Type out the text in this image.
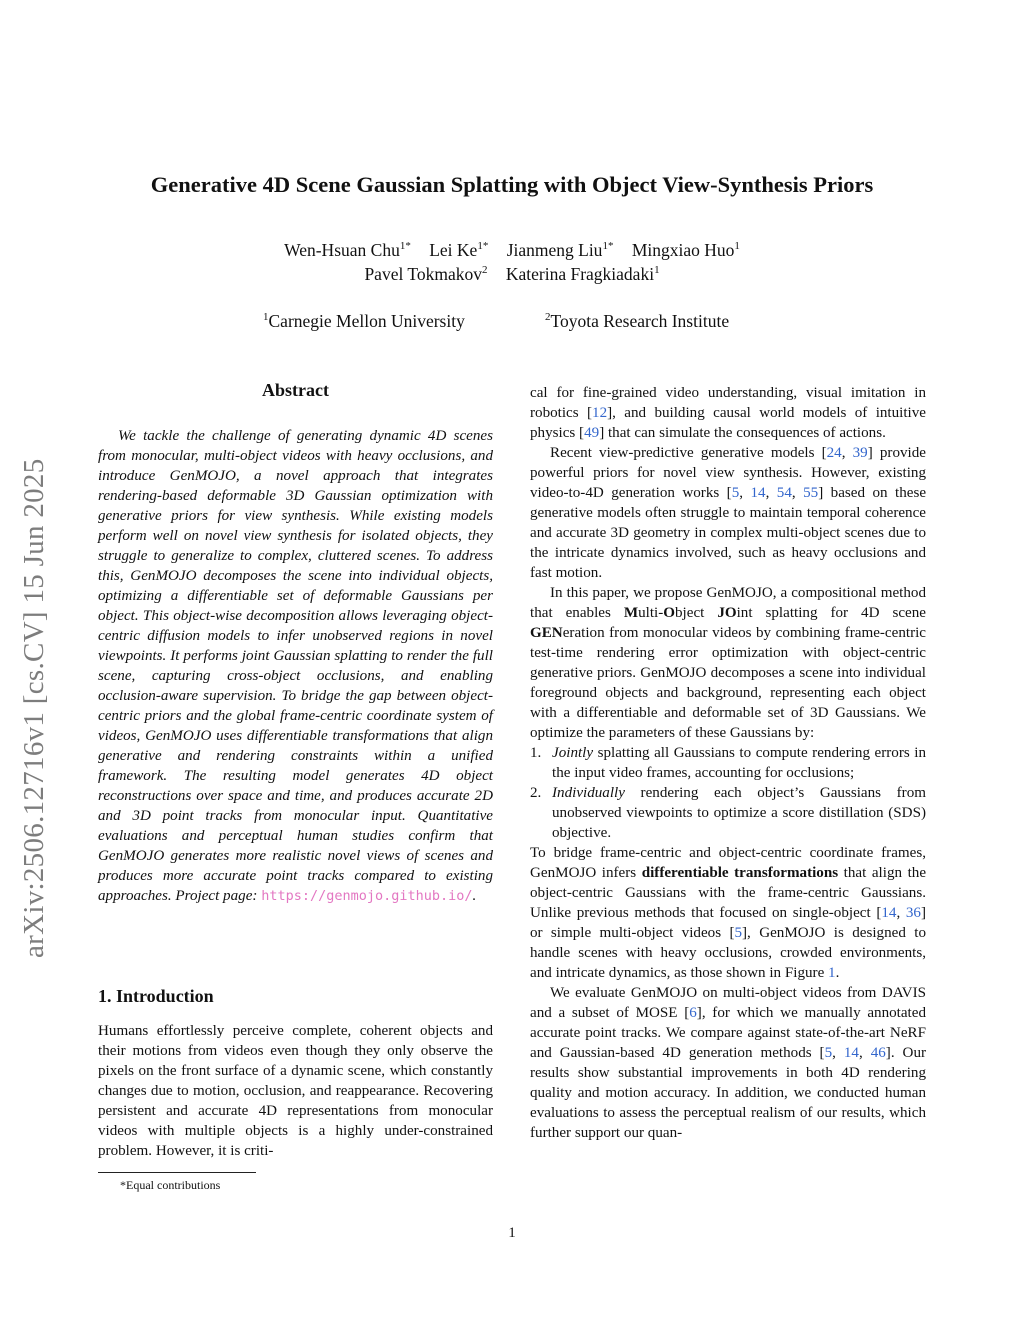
arXiv:2506.12716v1 [cs.CV] 15 Jun 2025
Generative 4D Scene Gaussian Splatting with Object View-Synthesis Priors
Wen-Hsuan Chu$^{1*}$ Lei $Ke^{1*}$ Jianmeng Liu$^{1*}$ Mingxiao Huo$^1$
Pavel Tokmakov$^2$ Katerina Fragkiadaki$^1$
$^1$Carnegie Mellon University	$^2$Toyota Research Institute
Abstract

We tackle the challenge of generating dynamic 4D scenes from monocular, multi-object videos with heavy occlusions, and introduce GenMOJO, a novel approach that integrates rendering-based deformable 3D Gaussian optimization with generative priors for view synthesis. While existing models perform well on novel view synthesis for isolated objects, they struggle to generalize to complex, cluttered scenes. To address this, GenMOJO decomposes the scene into individual objects, optimizing a differentiable set of deformable Gaussians per object. This object-wise decomposition allows leveraging object-centric diffusion models to infer unobserved regions in novel viewpoints. It performs joint Gaussian splatting to render the full scene, capturing cross-object occlusions, and enabling occlusion-aware supervision. To bridge the gap between object-centric priors and the global frame-centric coordinate system of videos, GenMOJO uses differentiable transformations that align generative and rendering constraints within a unified framework. The resulting model generates 4D object reconstructions over space and time, and produces accurate 2D and 3D point tracks from monocular input. Quantitative evaluations and perceptual human studies confirm that GenMOJO generates more realistic novel views of scenes and produces more accurate point tracks compared to existing approaches. Project page: https://genmojo.github.io/.

1. Introduction

Humans effortlessly perceive complete, coherent objects and their motions from videos even though they only observe the pixels on the front surface of a dynamic scene, which constantly changes due to motion, occlusion, and reappearance. Recovering persistent and accurate 4D representations from monocular videos with multiple objects is a highly under-constrained problem. However, it is criti-

*Equal contributions

cal for fine-grained video understanding, visual imitation in robotics [12], and building causal world models of intuitive physics [49] that can simulate the consequences of actions.

Recent view-predictive generative models [24, 39] provide powerful priors for novel view synthesis. However, existing video-to-4D generation works [5, 14, 54, 55] based on these generative models often struggle to maintain temporal coherence and accurate 3D geometry in complex multi-object scenes due to the intricate dynamics involved, such as heavy occlusions and fast motion.

In this paper, we propose GenMOJO, a compositional method that enables Multi-Object JOint splatting for 4D scene GENeration from monocular videos by combining frame-centric test-time rendering error optimization with object-centric generative priors. GenMOJO decomposes a scene into individual foreground objects and background, representing each object with a differentiable and deformable set of 3D Gaussians. We optimize the parameters of these Gaussians by:

1. Jointly splatting all Gaussians to compute rendering errors in the input video frames, accounting for occlusions;
2. Individually rendering each object’s Gaussians from unobserved viewpoints to optimize a score distillation (SDS) objective.

To bridge frame-centric and object-centric coordinate frames, GenMOJO infers differentiable transformations that align the object-centric Gaussians with the frame-centric Gaussians. Unlike previous methods that focused on single-object [14, 36] or simple multi-object videos [5], GenMOJO is designed to handle scenes with heavy occlusions, crowded environments, and intricate dynamics, as those shown in Figure 1.

We evaluate GenMOJO on multi-object videos from DAVIS and a subset of MOSE [6], for which we manually annotated accurate point tracks. We compare against state-of-the-art NeRF and Gaussian-based 4D generation methods [5, 14, 46]. Our results show substantial improvements in both 4D rendering quality and motion accuracy. In addition, we conducted human evaluations to assess the perceptual realism of our results, which further support our quan-

1
